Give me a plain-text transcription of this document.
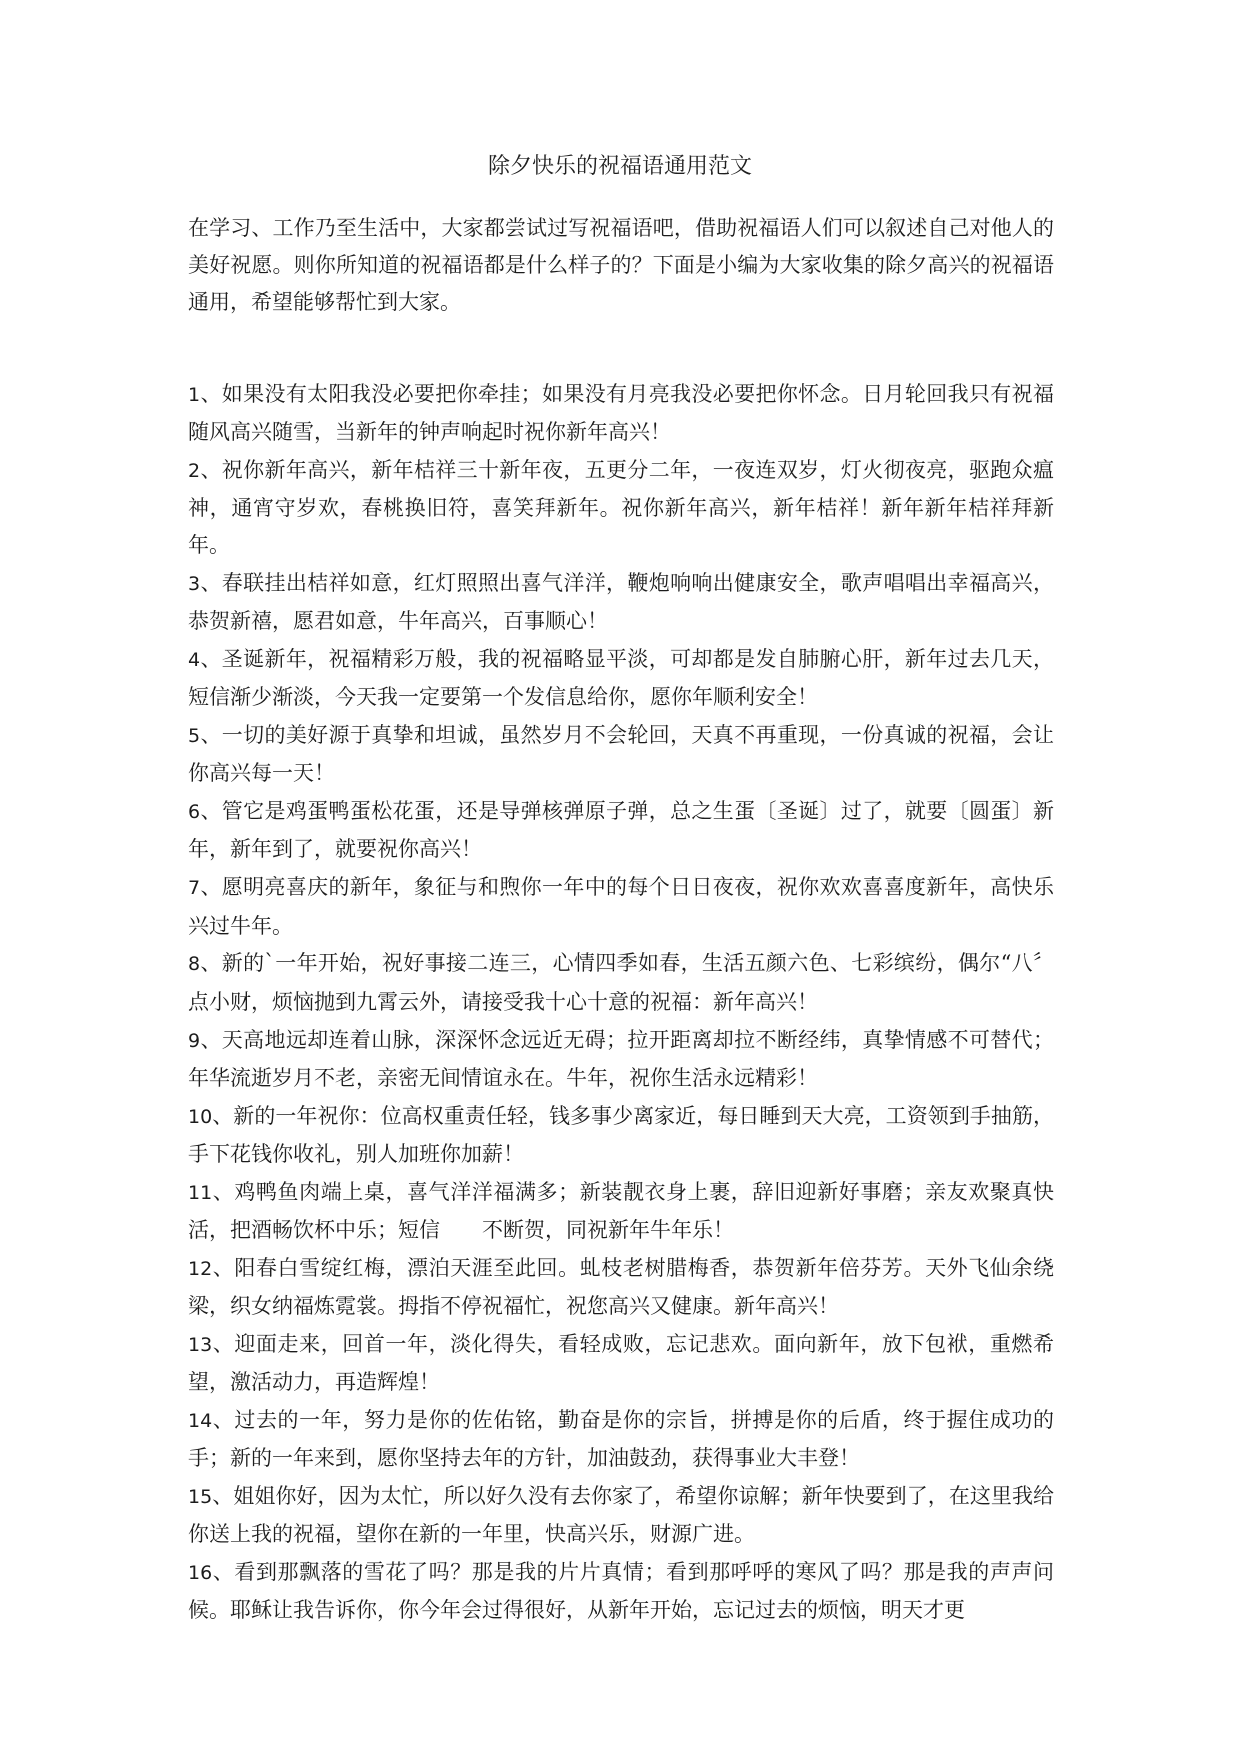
除夕快乐的祝福语通用范文

在学习、工作乃至生活中，大家都尝试过写祝福语吧，借助祝福语人们可以叙述自己对他人的美好祝愿。则你所知道的祝福语都是什么样子的？下面是小编为大家收集的除夕高兴的祝福语通用，希望能够帮忙到大家。

1、如果没有太阳我没必要把你牵挂；如果没有月亮我没必要把你怀念。日月轮回我只有祝福随风高兴随雪，当新年的钟声响起时祝你新年高兴！
2、祝你新年高兴，新年桔祥三十新年夜，五更分二年，一夜连双岁，灯火彻夜亮，驱跑众瘟神，通宵守岁欢，春桃换旧符，喜笑拜新年。祝你新年高兴，新年桔祥！新年新年桔祥拜新年。
3、春联挂出桔祥如意，红灯照照出喜气洋洋，鞭炮响响出健康安全，歌声唱唱出幸福高兴，恭贺新禧，愿君如意，牛年高兴，百事顺心！
4、圣诞新年，祝福精彩万般，我的祝福略显平淡，可却都是发自肺腑心肝，新年过去几天，短信渐少渐淡，今天我一定要第一个发信息给你，愿你年顺利安全！
5、一切的美好源于真挚和坦诚，虽然岁月不会轮回，天真不再重现，一份真诚的祝福，会让你高兴每一天！
6、管它是鸡蛋鸭蛋松花蛋，还是导弹核弹原子弹，总之生蛋〔圣诞〕过了，就要〔圆蛋〕新年，新年到了，就要祝你高兴！
7、愿明亮喜庆的新年，象征与和煦你一年中的每个日日夜夜，祝你欢欢喜喜度新年，高快乐兴过牛年。
8、新的`一年开始，祝好事接二连三，心情四季如春，生活五颜六色、七彩缤纷，偶尔“八〞点小财，烦恼抛到九霄云外，请接受我十心十意的祝福：新年高兴！
9、天高地远却连着山脉，深深怀念远近无碍；拉开距离却拉不断经纬，真挚情感不可替代；年华流逝岁月不老，亲密无间情谊永在。牛年，祝你生活永远精彩！
10、新的一年祝你：位高权重责任轻，钱多事少离家近，每日睡到天大亮，工资领到手抽筋，手下花钱你收礼，别人加班你加薪！
11、鸡鸭鱼肉端上桌，喜气洋洋福满多；新装靓衣身上裹，辞旧迎新好事磨；亲友欢聚真快活，把酒畅饮杯中乐；短信　　不断贺，同祝新年牛年乐！
12、阳春白雪绽红梅，漂泊天涯至此回。虬枝老树腊梅香，恭贺新年倍芬芳。天外飞仙余绕梁，织女纳福炼霓裳。拇指不停祝福忙，祝您高兴又健康。新年高兴！
13、迎面走来，回首一年，淡化得失，看轻成败，忘记悲欢。面向新年，放下包袱，重燃希望，激活动力，再造辉煌！
14、过去的一年，努力是你的佐佑铭，勤奋是你的宗旨，拼搏是你的后盾，终于握住成功的手；新的一年来到，愿你坚持去年的方针，加油鼓劲，获得事业大丰登！
15、姐姐你好，因为太忙，所以好久没有去你家了，希望你谅解；新年快要到了，在这里我给你送上我的祝福，望你在新的一年里，快高兴乐，财源广进。
16、看到那飘落的雪花了吗？那是我的片片真情；看到那呼呼的寒风了吗？那是我的声声问候。耶稣让我告诉你，你今年会过得很好，从新年开始，忘记过去的烦恼，明天才更
